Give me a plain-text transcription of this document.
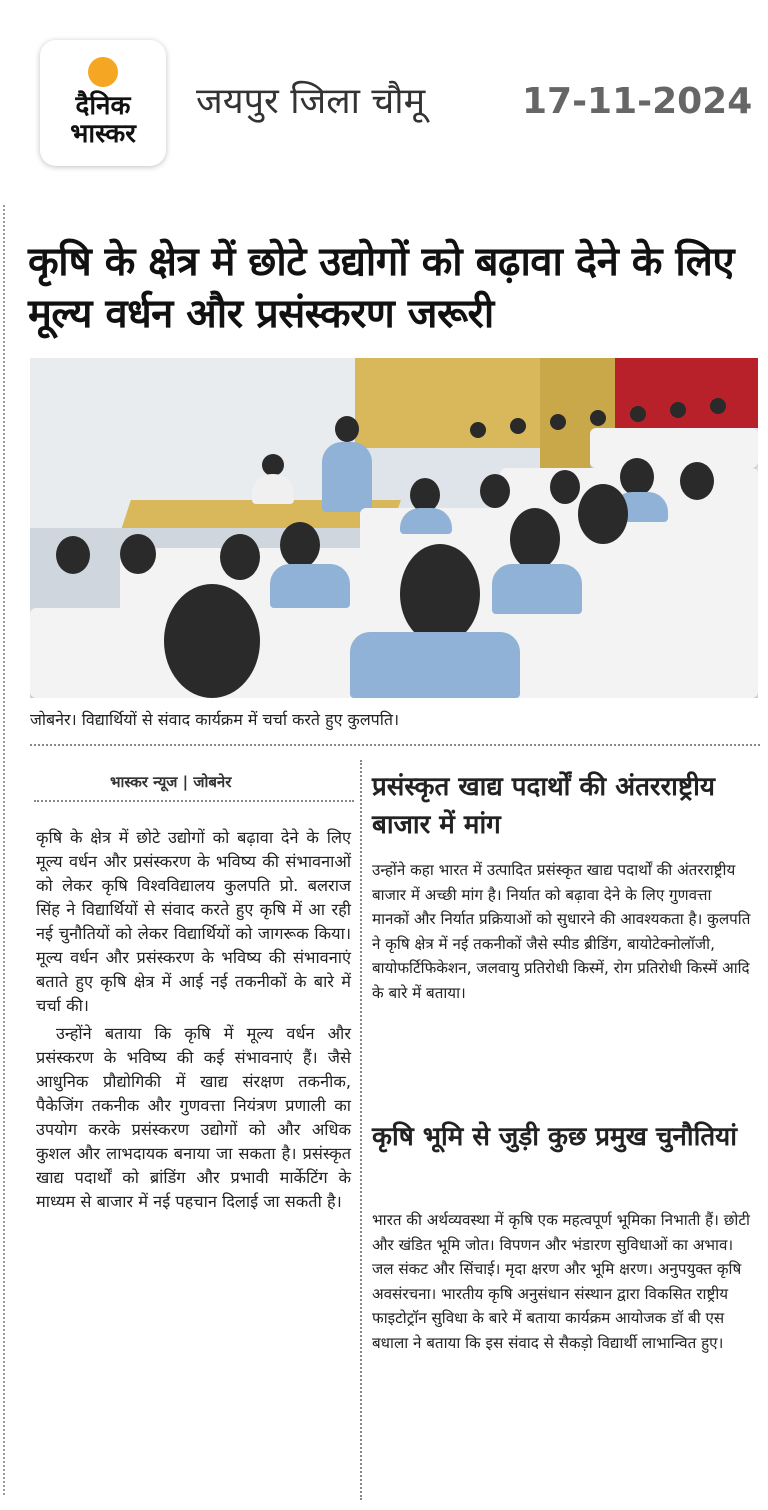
दैनिक
भास्कर
जयपुर जिला चौमू	17-11-2024
कृषि के क्षेत्र में छोटे उद्योगों को बढ़ावा देने के लिए मूल्य वर्धन और प्रसंस्करण जरूरी
जोबनेर। विद्यार्थियों से संवाद कार्यक्रम में चर्चा करते हुए कुलपति।
भास्कर न्यूज | जोबनेर

कृषि के क्षेत्र में छोटे उद्योगों को बढ़ावा देने के लिए मूल्य वर्धन और प्रसंस्करण के भविष्य की संभावनाओं को लेकर कृषि विश्वविद्यालय कुलपति प्रो. बलराज सिंह ने विद्यार्थियों से संवाद करते हुए कृषि में आ रही नई चुनौतियों को लेकर विद्यार्थियों को जागरूक किया। मूल्य वर्धन और प्रसंस्करण के भविष्य की संभावनाएं बताते हुए कृषि क्षेत्र में आई नई तकनीकों के बारे में चर्चा की।

उन्होंने बताया कि कृषि में मूल्य वर्धन और प्रसंस्करण के भविष्य की कई संभावनाएं हैं। जैसे आधुनिक प्रौद्योगिकी में खाद्य संरक्षण तकनीक, पैकेजिंग तकनीक और गुणवत्ता नियंत्रण प्रणाली का उपयोग करके प्रसंस्करण उद्योगों को और अधिक कुशल और लाभदायक बनाया जा सकता है। प्रसंस्कृत खाद्य पदार्थों को ब्रांडिंग और प्रभावी मार्केटिंग के माध्यम से बाजार में नई पहचान दिलाई जा सकती है।

प्रसंस्कृत खाद्य पदार्थों की अंतरराष्ट्रीय बाजार में मांग
उन्होंने कहा भारत में उत्पादित प्रसंस्कृत खाद्य पदार्थों की अंतरराष्ट्रीय बाजार में अच्छी मांग है। निर्यात को बढ़ावा देने के लिए गुणवत्ता मानकों और निर्यात प्रक्रियाओं को सुधारने की आवश्यकता है। कुलपति ने कृषि क्षेत्र में नई तकनीकों जैसे स्पीड ब्रीडिंग, बायोटेक्नोलॉजी, बायोफर्टिफिकेशन, जलवायु प्रतिरोधी किस्में, रोग प्रतिरोधी किस्में आदि के बारे में बताया।
कृषि भूमि से जुड़ी कुछ प्रमुख चुनौतियां
भारत की अर्थव्यवस्था में कृषि एक महत्वपूर्ण भूमिका निभाती हैं। छोटी और खंडित भूमि जोत। विपणन और भंडारण सुविधाओं का अभाव।जल संकट और सिंचाई। मृदा क्षरण और भूमि क्षरण। अनुपयुक्त कृषि अवसंरचना। भारतीय कृषि अनुसंधान संस्थान द्वारा विकसित राष्ट्रीय फाइटोट्रॉन सुविधा के बारे में बताया कार्यक्रम आयोजक डॉ बी एस बधाला ने बताया कि इस संवाद से सैकड़ो विद्यार्थी लाभान्वित हुए।
